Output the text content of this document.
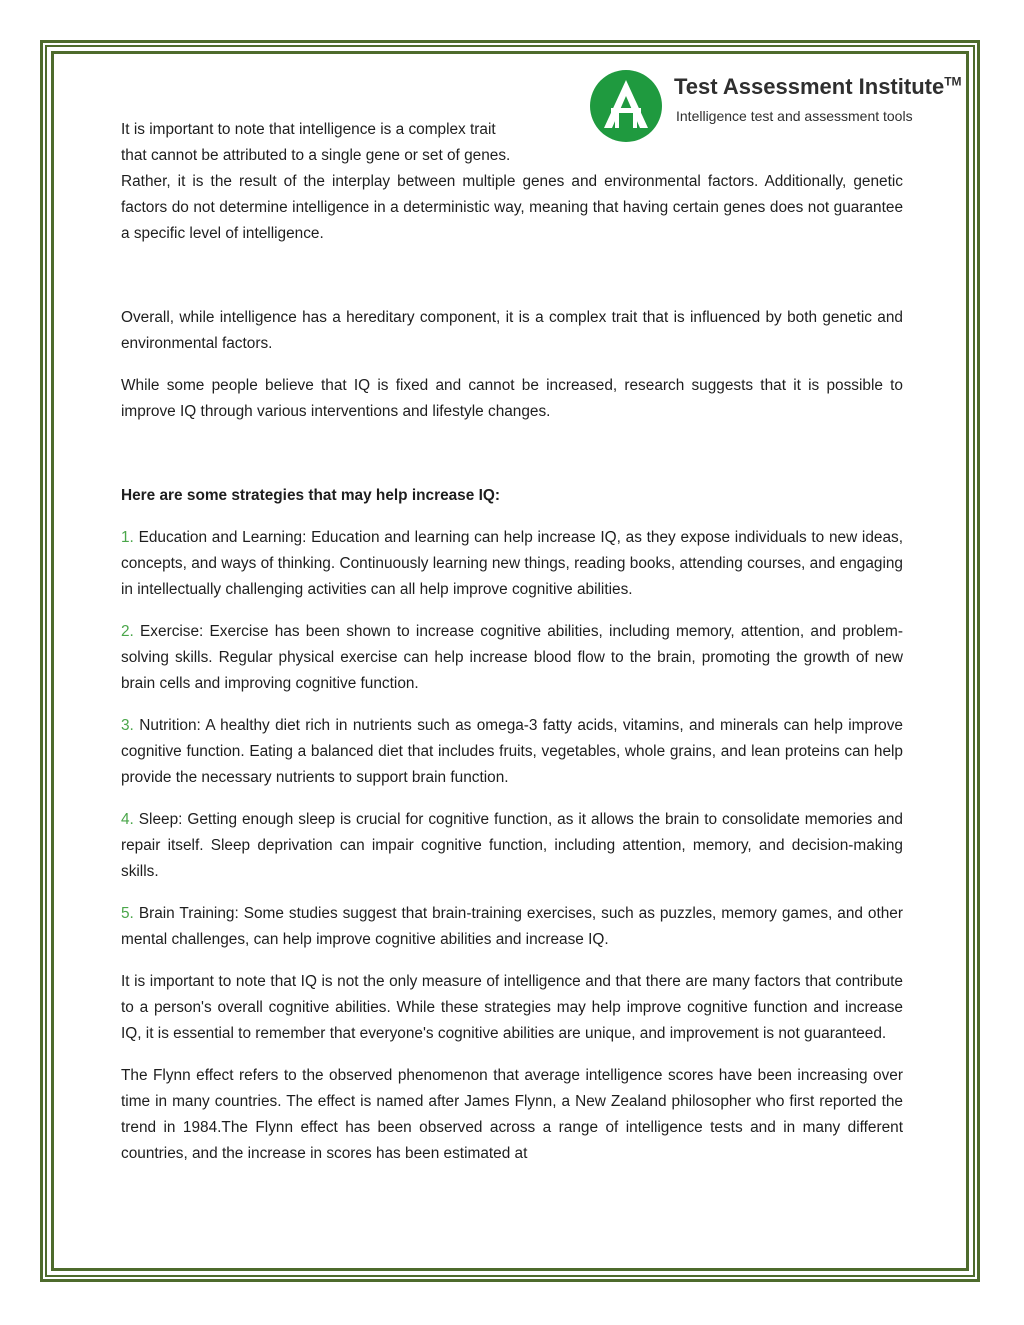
Test Assessment Institute™
Intelligence test and assessment tools

It is important to note that intelligence is a complex trait

that cannot be attributed to a single gene or set of genes.

Rather, it is the result of the interplay between multiple genes and environmental factors. Additionally, genetic factors do not determine intelligence in a deterministic way, meaning that having certain genes does not guarantee a specific level of intelligence.

Overall, while intelligence has a hereditary component, it is a complex trait that is influenced by both genetic and environmental factors.

While some people believe that IQ is fixed and cannot be increased, research suggests that it is possible to improve IQ through various interventions and lifestyle changes.

Here are some strategies that may help increase IQ:

1. Education and Learning: Education and learning can help increase IQ, as they expose individuals to new ideas, concepts, and ways of thinking. Continuously learning new things, reading books, attending courses, and engaging in intellectually challenging activities can all help improve cognitive abilities.

2. Exercise: Exercise has been shown to increase cognitive abilities, including memory, attention, and problem-solving skills. Regular physical exercise can help increase blood flow to the brain, promoting the growth of new brain cells and improving cognitive function.

3. Nutrition: A healthy diet rich in nutrients such as omega-3 fatty acids, vitamins, and minerals can help improve cognitive function. Eating a balanced diet that includes fruits, vegetables, whole grains, and lean proteins can help provide the necessary nutrients to support brain function.

4. Sleep: Getting enough sleep is crucial for cognitive function, as it allows the brain to consolidate memories and repair itself. Sleep deprivation can impair cognitive function, including attention, memory, and decision-making skills.

5. Brain Training: Some studies suggest that brain-training exercises, such as puzzles, memory games, and other mental challenges, can help improve cognitive abilities and increase IQ.

It is important to note that IQ is not the only measure of intelligence and that there are many factors that contribute to a person's overall cognitive abilities. While these strategies may help improve cognitive function and increase IQ, it is essential to remember that everyone's cognitive abilities are unique, and improvement is not guaranteed.

The Flynn effect refers to the observed phenomenon that average intelligence scores have been increasing over time in many countries. The effect is named after James Flynn, a New Zealand philosopher who first reported the trend in 1984.The Flynn effect has been observed across a range of intelligence tests and in many different countries, and the increase in scores has been estimated at
